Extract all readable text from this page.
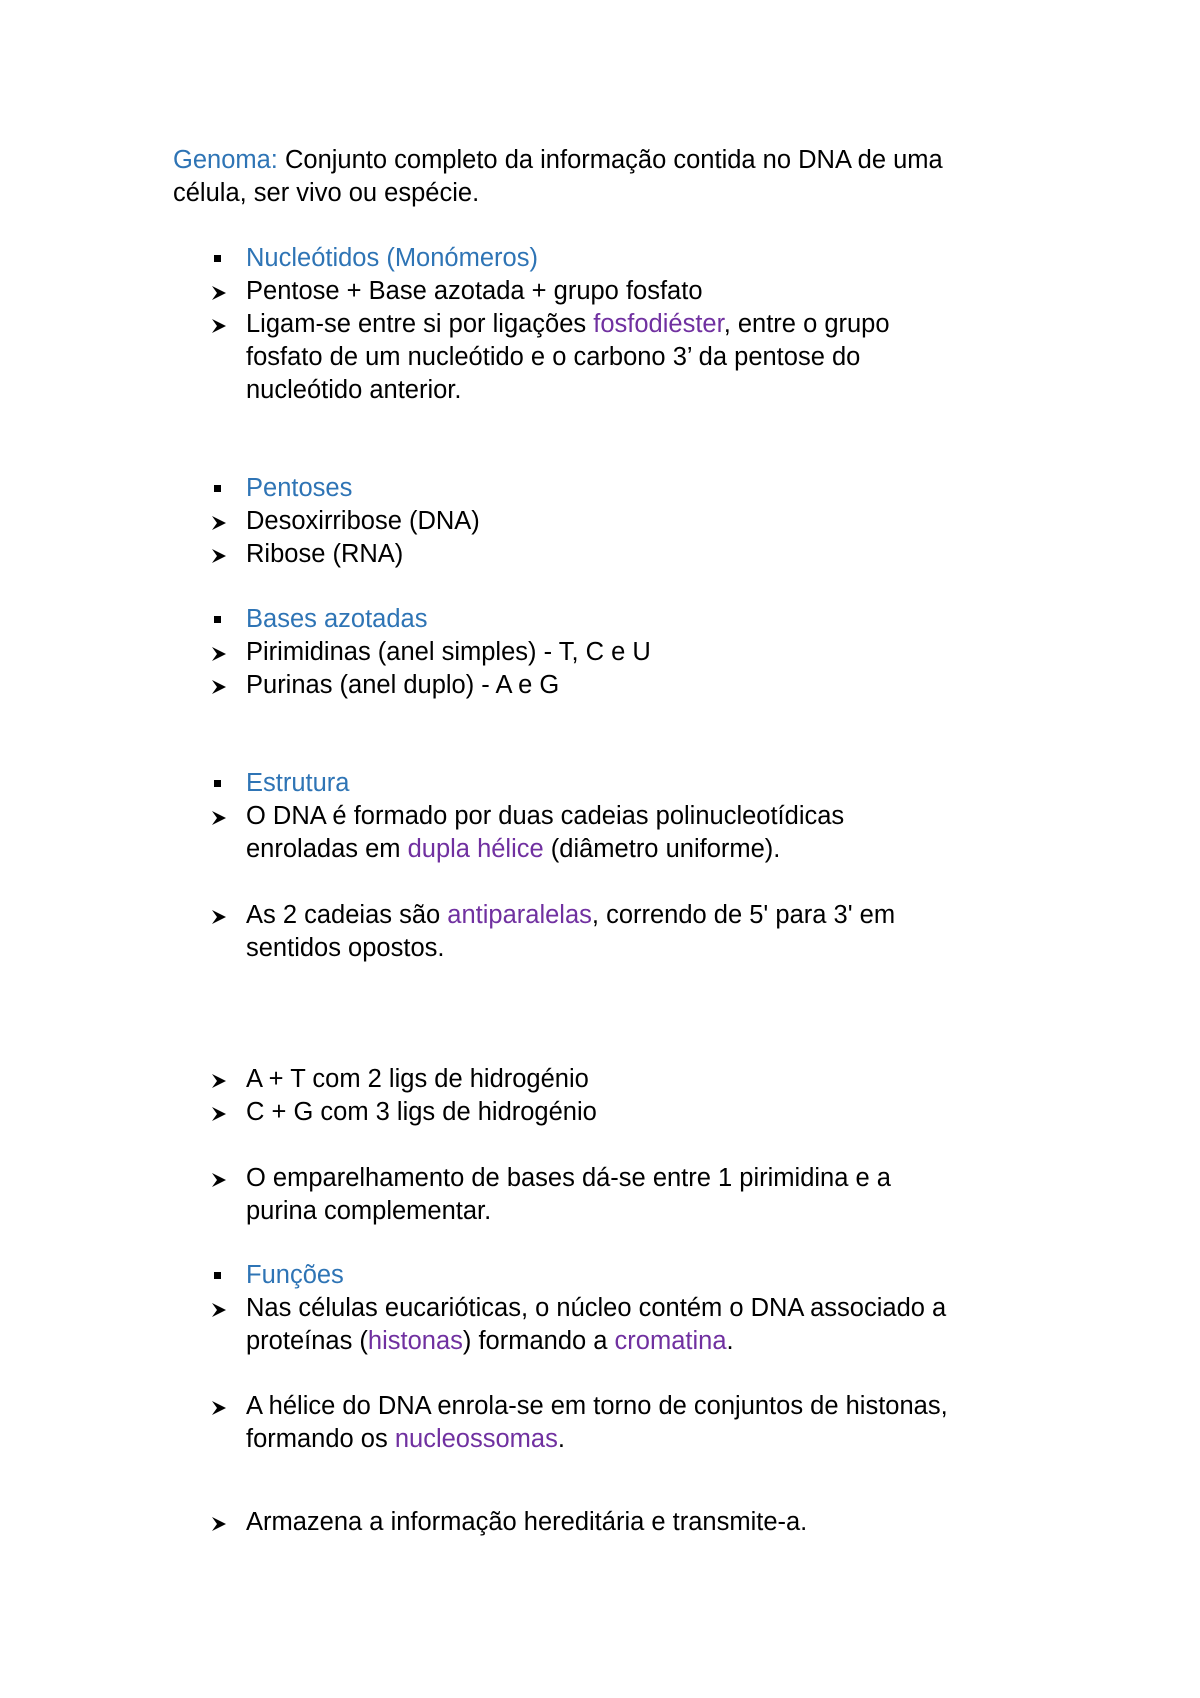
Genoma: Conjunto completo da informação contida no DNA de uma
célula, ser vivo ou espécie.
Nucleótidos (Monómeros)
Pentose + Base azotada + grupo fosfato
Ligam-se entre si por ligações fosfodiéster, entre o grupo
fosfato de um nucleótido e o carbono 3’ da pentose do
nucleótido anterior.
Pentoses
Desoxirribose (DNA)
Ribose (RNA)
Bases azotadas
Pirimidinas (anel simples) - T, C e U
Purinas (anel duplo) - A e G
Estrutura
O DNA é formado por duas cadeias polinucleotídicas
enroladas em dupla hélice (diâmetro uniforme).
As 2 cadeias são antiparalelas, correndo de 5' para 3' em
sentidos opostos.
A + T com 2 ligs de hidrogénio
C + G com 3 ligs de hidrogénio
O emparelhamento de bases dá-se entre 1 pirimidina e a
purina complementar.
Funções
Nas células eucarióticas, o núcleo contém o DNA associado a
proteínas (histonas) formando a cromatina.
A hélice do DNA enrola-se em torno de conjuntos de histonas,
formando os nucleossomas.
Armazena a informação hereditária e transmite-a.
